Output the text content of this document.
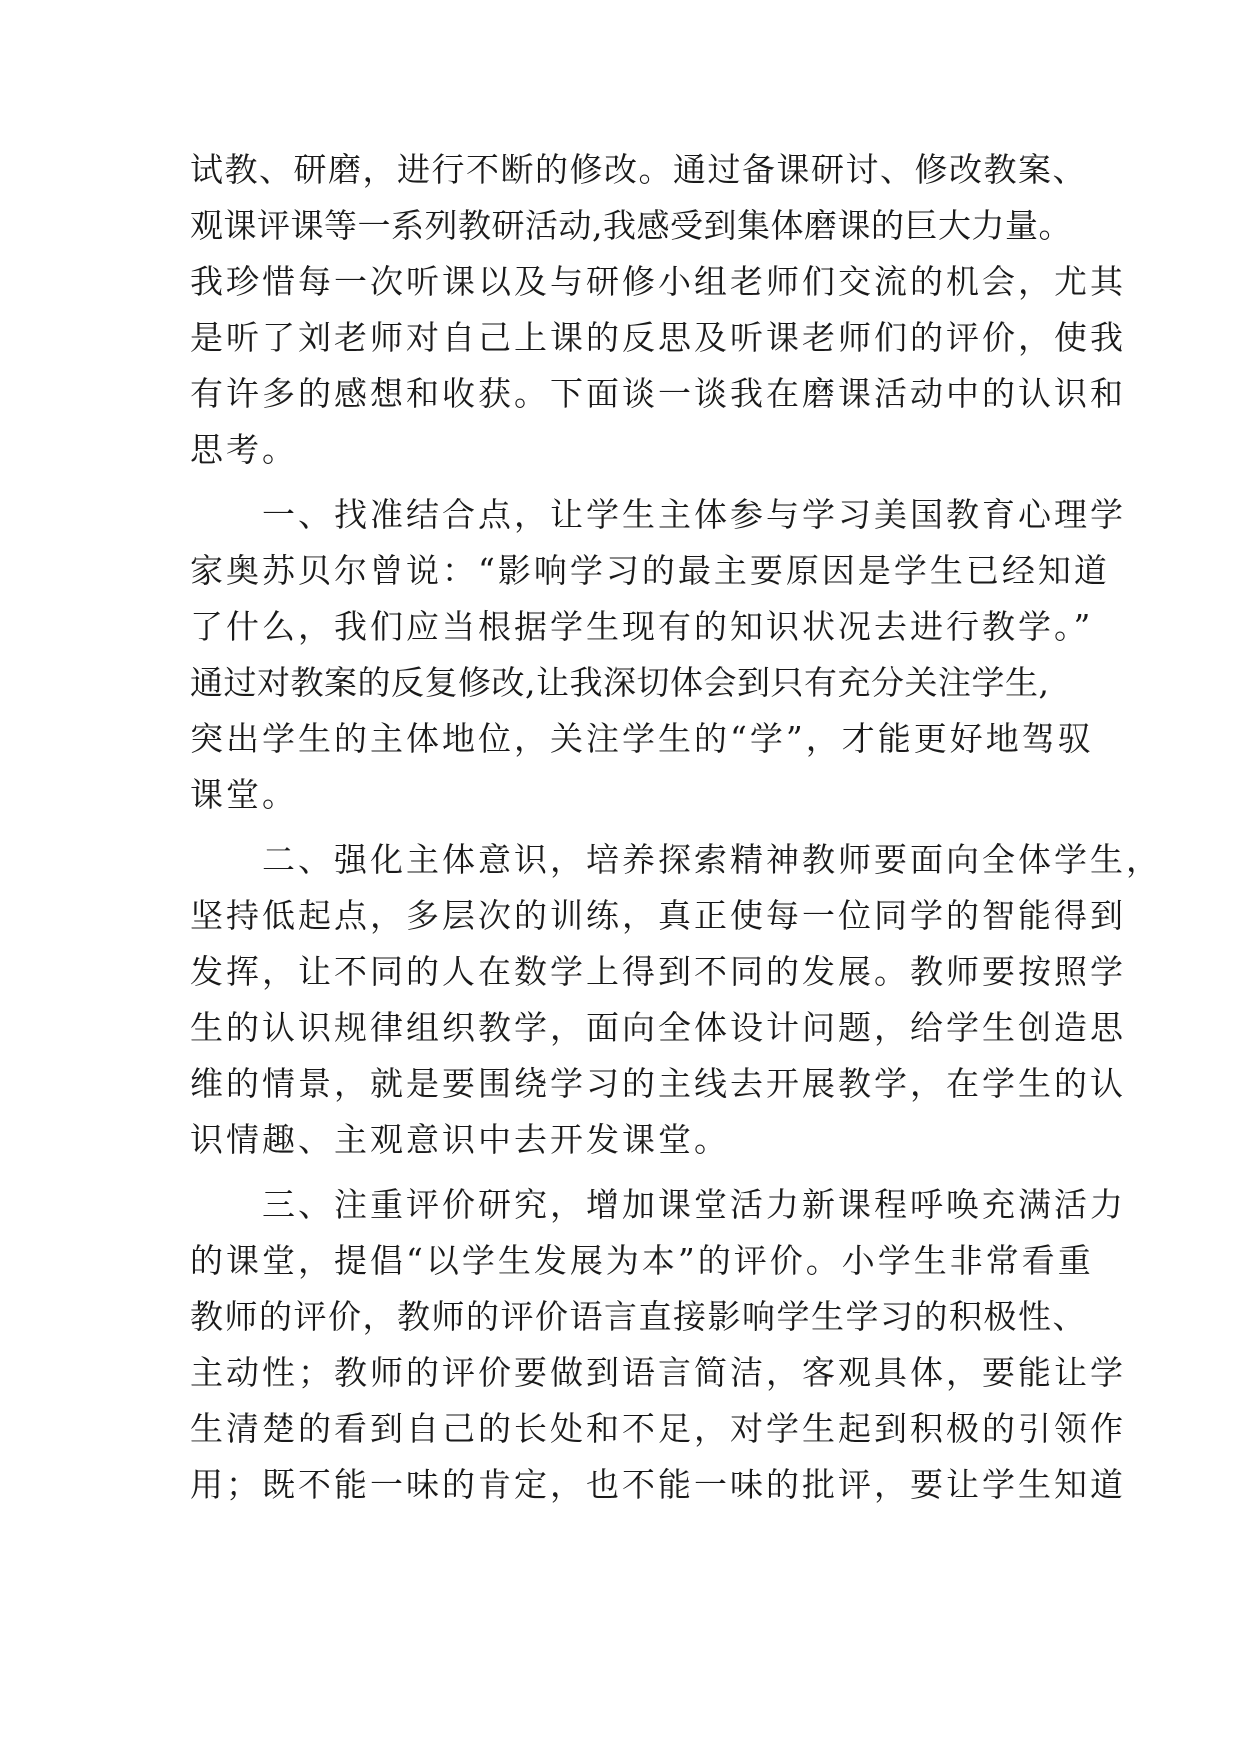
试教、研磨，进行不断的修改。通过备课研讨、修改教案、
观课评课等一系列教研活动,我感受到集体磨课的巨大力量。
我珍惜每一次听课以及与研修小组老师们交流的机会，尤其
是听了刘老师对自己上课的反思及听课老师们的评价，使我
有许多的感想和收获。下面谈一谈我在磨课活动中的认识和
思考。
　　一、找准结合点，让学生主体参与学习美国教育心理学
家奥苏贝尔曾说：“影响学习的最主要原因是学生已经知道
了什么，我们应当根据学生现有的知识状况去进行教学。”
通过对教案的反复修改,让我深切体会到只有充分关注学生,
突出学生的主体地位，关注学生的“学”，才能更好地驾驭
课堂。
　　二、强化主体意识，培养探索精神教师要面向全体学生，
坚持低起点，多层次的训练，真正使每一位同学的智能得到
发挥，让不同的人在数学上得到不同的发展。教师要按照学
生的认识规律组织教学，面向全体设计问题，给学生创造思
维的情景，就是要围绕学习的主线去开展教学，在学生的认
识情趣、主观意识中去开发课堂。
　　三、注重评价研究，增加课堂活力新课程呼唤充满活力
的课堂，提倡“以学生发展为本”的评价。小学生非常看重
教师的评价，教师的评价语言直接影响学生学习的积极性、
主动性；教师的评价要做到语言简洁，客观具体，要能让学
生清楚的看到自己的长处和不足，对学生起到积极的引领作
用；既不能一味的肯定，也不能一味的批评，要让学生知道
